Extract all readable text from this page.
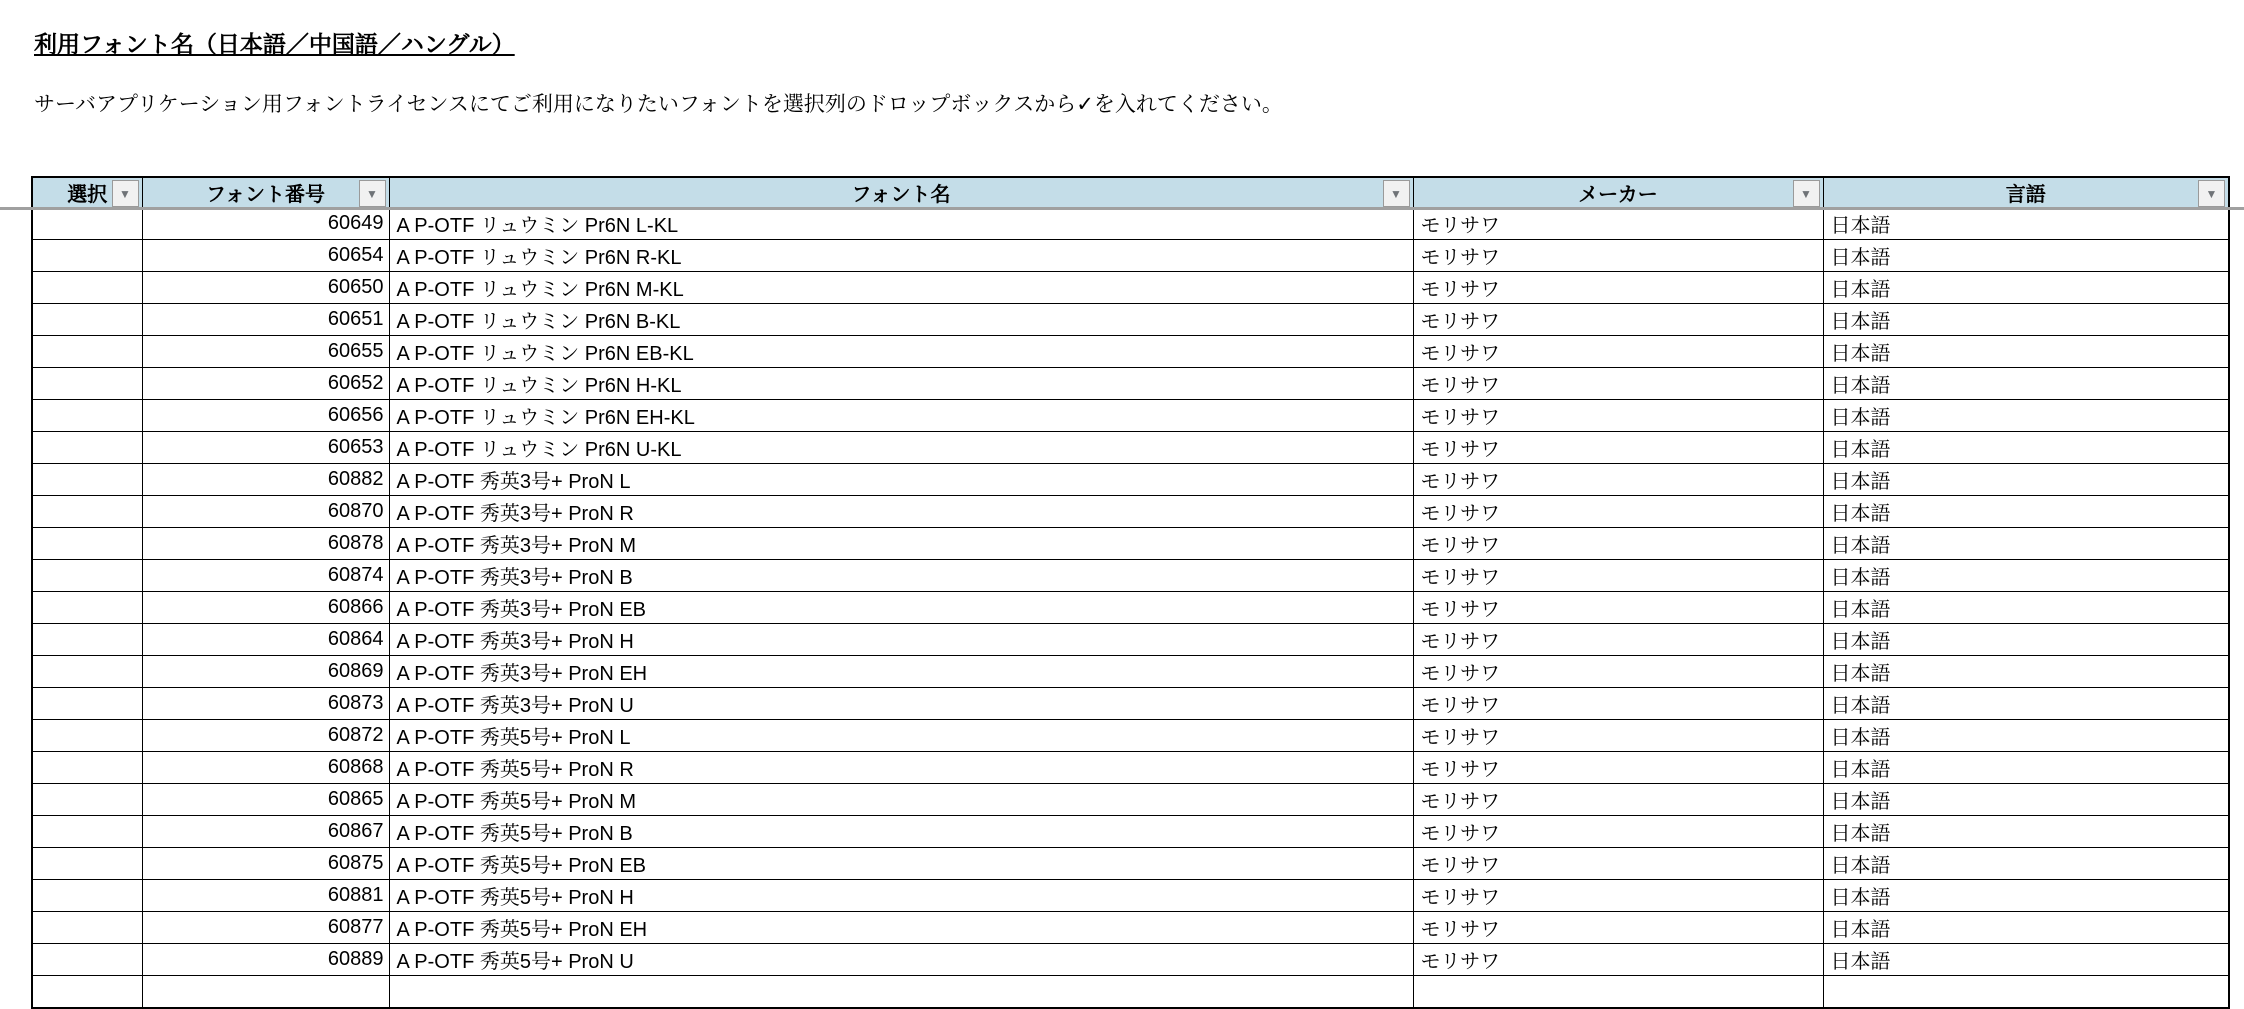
利用フォント名（日本語／中国語／ハングル）
サーバアプリケーション用フォントライセンスにてご利用になりたいフォントを選択列のドロップボックスから✓を入れてください。
選択 ▼	フォント番号 ▼	フォント名 ▼	メーカー ▼	言語 ▼

	60649	A P-OTF リュウミン Pr6N L-KL	モリサワ	日本語
	60654	A P-OTF リュウミン Pr6N R-KL	モリサワ	日本語
	60650	A P-OTF リュウミン Pr6N M-KL	モリサワ	日本語
	60651	A P-OTF リュウミン Pr6N B-KL	モリサワ	日本語
	60655	A P-OTF リュウミン Pr6N EB-KL	モリサワ	日本語
	60652	A P-OTF リュウミン Pr6N H-KL	モリサワ	日本語
	60656	A P-OTF リュウミン Pr6N EH-KL	モリサワ	日本語
	60653	A P-OTF リュウミン Pr6N U-KL	モリサワ	日本語
	60882	A P-OTF 秀英3号+ ProN L	モリサワ	日本語
	60870	A P-OTF 秀英3号+ ProN R	モリサワ	日本語
	60878	A P-OTF 秀英3号+ ProN M	モリサワ	日本語
	60874	A P-OTF 秀英3号+ ProN B	モリサワ	日本語
	60866	A P-OTF 秀英3号+ ProN EB	モリサワ	日本語
	60864	A P-OTF 秀英3号+ ProN H	モリサワ	日本語
	60869	A P-OTF 秀英3号+ ProN EH	モリサワ	日本語
	60873	A P-OTF 秀英3号+ ProN U	モリサワ	日本語
	60872	A P-OTF 秀英5号+ ProN L	モリサワ	日本語
	60868	A P-OTF 秀英5号+ ProN R	モリサワ	日本語
	60865	A P-OTF 秀英5号+ ProN M	モリサワ	日本語
	60867	A P-OTF 秀英5号+ ProN B	モリサワ	日本語
	60875	A P-OTF 秀英5号+ ProN EB	モリサワ	日本語
	60881	A P-OTF 秀英5号+ ProN H	モリサワ	日本語
	60877	A P-OTF 秀英5号+ ProN EH	モリサワ	日本語
	60889	A P-OTF 秀英5号+ ProN U	モリサワ	日本語
